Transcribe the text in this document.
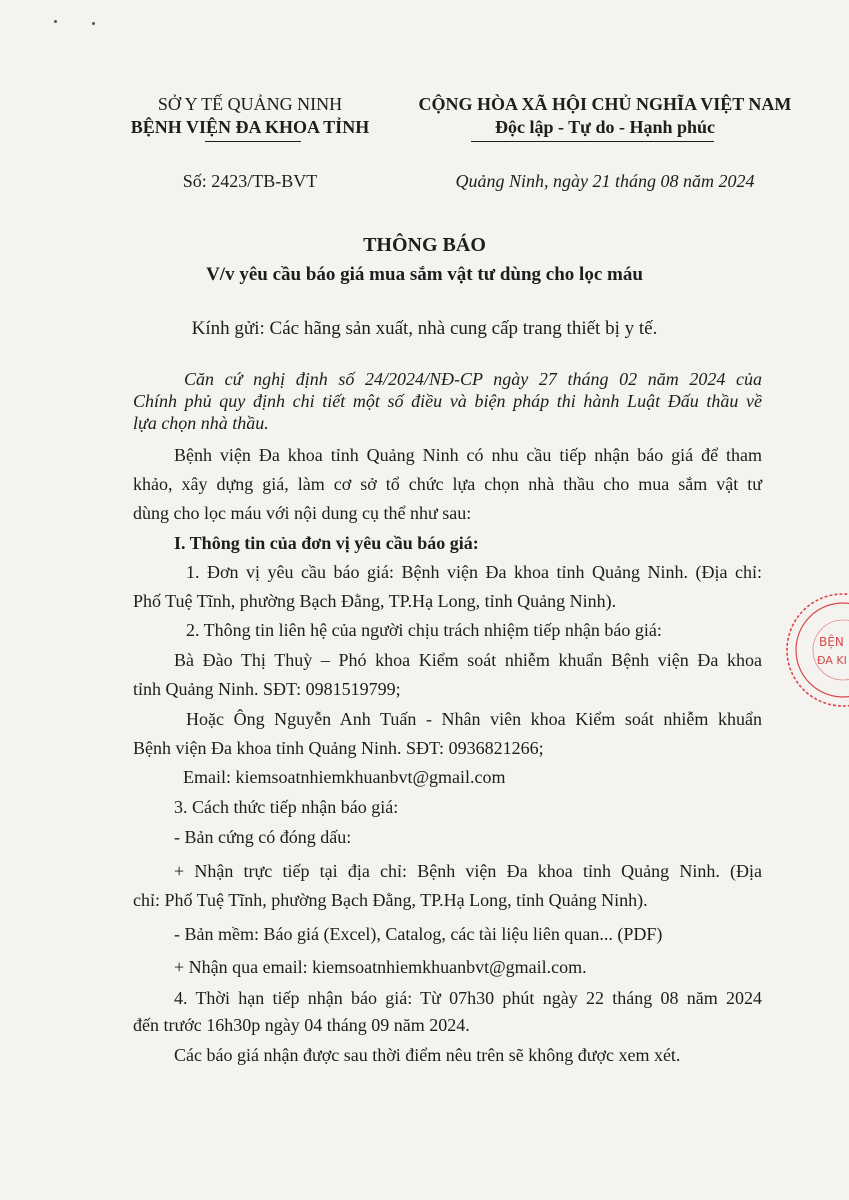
SỞ Y TẾ QUẢNG NINH
BỆNH VIỆN ĐA KHOA TỈNH
CỘNG HÒA XÃ HỘI CHỦ NGHĨA VIỆT NAM
Độc lập - Tự do - Hạnh phúc
Số: 2423/TB-BVT	Quảng Ninh, ngày 21 tháng 08 năm 2024
THÔNG BÁO
V/v yêu cầu báo giá mua sắm vật tư dùng cho lọc máu
Kính gửi: Các hãng sản xuất, nhà cung cấp trang thiết bị y tế.
Căn cứ nghị định số 24/2024/NĐ-CP ngày 27 tháng 02 năm 2024 của
Chính phủ quy định chi tiết một số điều và biện pháp thi hành Luật Đấu thầu về
lựa chọn nhà thầu.
Bệnh viện Đa khoa tỉnh Quảng Ninh có nhu cầu tiếp nhận báo giá để tham
khảo, xây dựng giá, làm cơ sở tổ chức lựa chọn nhà thầu cho mua sắm vật tư
dùng cho lọc máu với nội dung cụ thể như sau:
I. Thông tin của đơn vị yêu cầu báo giá:
1. Đơn vị yêu cầu báo giá: Bệnh viện Đa khoa tỉnh Quảng Ninh. (Địa chỉ:
Phố Tuệ Tĩnh, phường Bạch Đằng, TP.Hạ Long, tỉnh Quảng Ninh).
2. Thông tin liên hệ của người chịu trách nhiệm tiếp nhận báo giá:
Bà Đào Thị Thuỳ – Phó khoa Kiểm soát nhiễm khuẩn Bệnh viện Đa khoa
tỉnh Quảng Ninh. SĐT: 0981519799;
Hoặc Ông Nguyễn Anh Tuấn - Nhân viên khoa Kiểm soát nhiễm khuẩn
Bệnh viện Đa khoa tỉnh Quảng Ninh. SĐT: 0936821266;
Email: kiemsoatnhiemkhuanbvt@gmail.com
3. Cách thức tiếp nhận báo giá:
- Bản cứng có đóng dấu:
+ Nhận trực tiếp tại địa chỉ: Bệnh viện Đa khoa tỉnh Quảng Ninh. (Địa
chỉ: Phố Tuệ Tĩnh, phường Bạch Đằng, TP.Hạ Long, tỉnh Quảng Ninh).
- Bản mềm: Báo giá (Excel), Catalog, các tài liệu liên quan... (PDF)
+ Nhận qua email: kiemsoatnhiemkhuanbvt@gmail.com.
4. Thời hạn tiếp nhận báo giá: Từ 07h30 phút ngày 22 tháng 08 năm 2024
đến trước 16h30p ngày 04 tháng 09 năm 2024.
Các báo giá nhận được sau thời điểm nêu trên sẽ không được xem xét.
BỆN
ĐA KI
